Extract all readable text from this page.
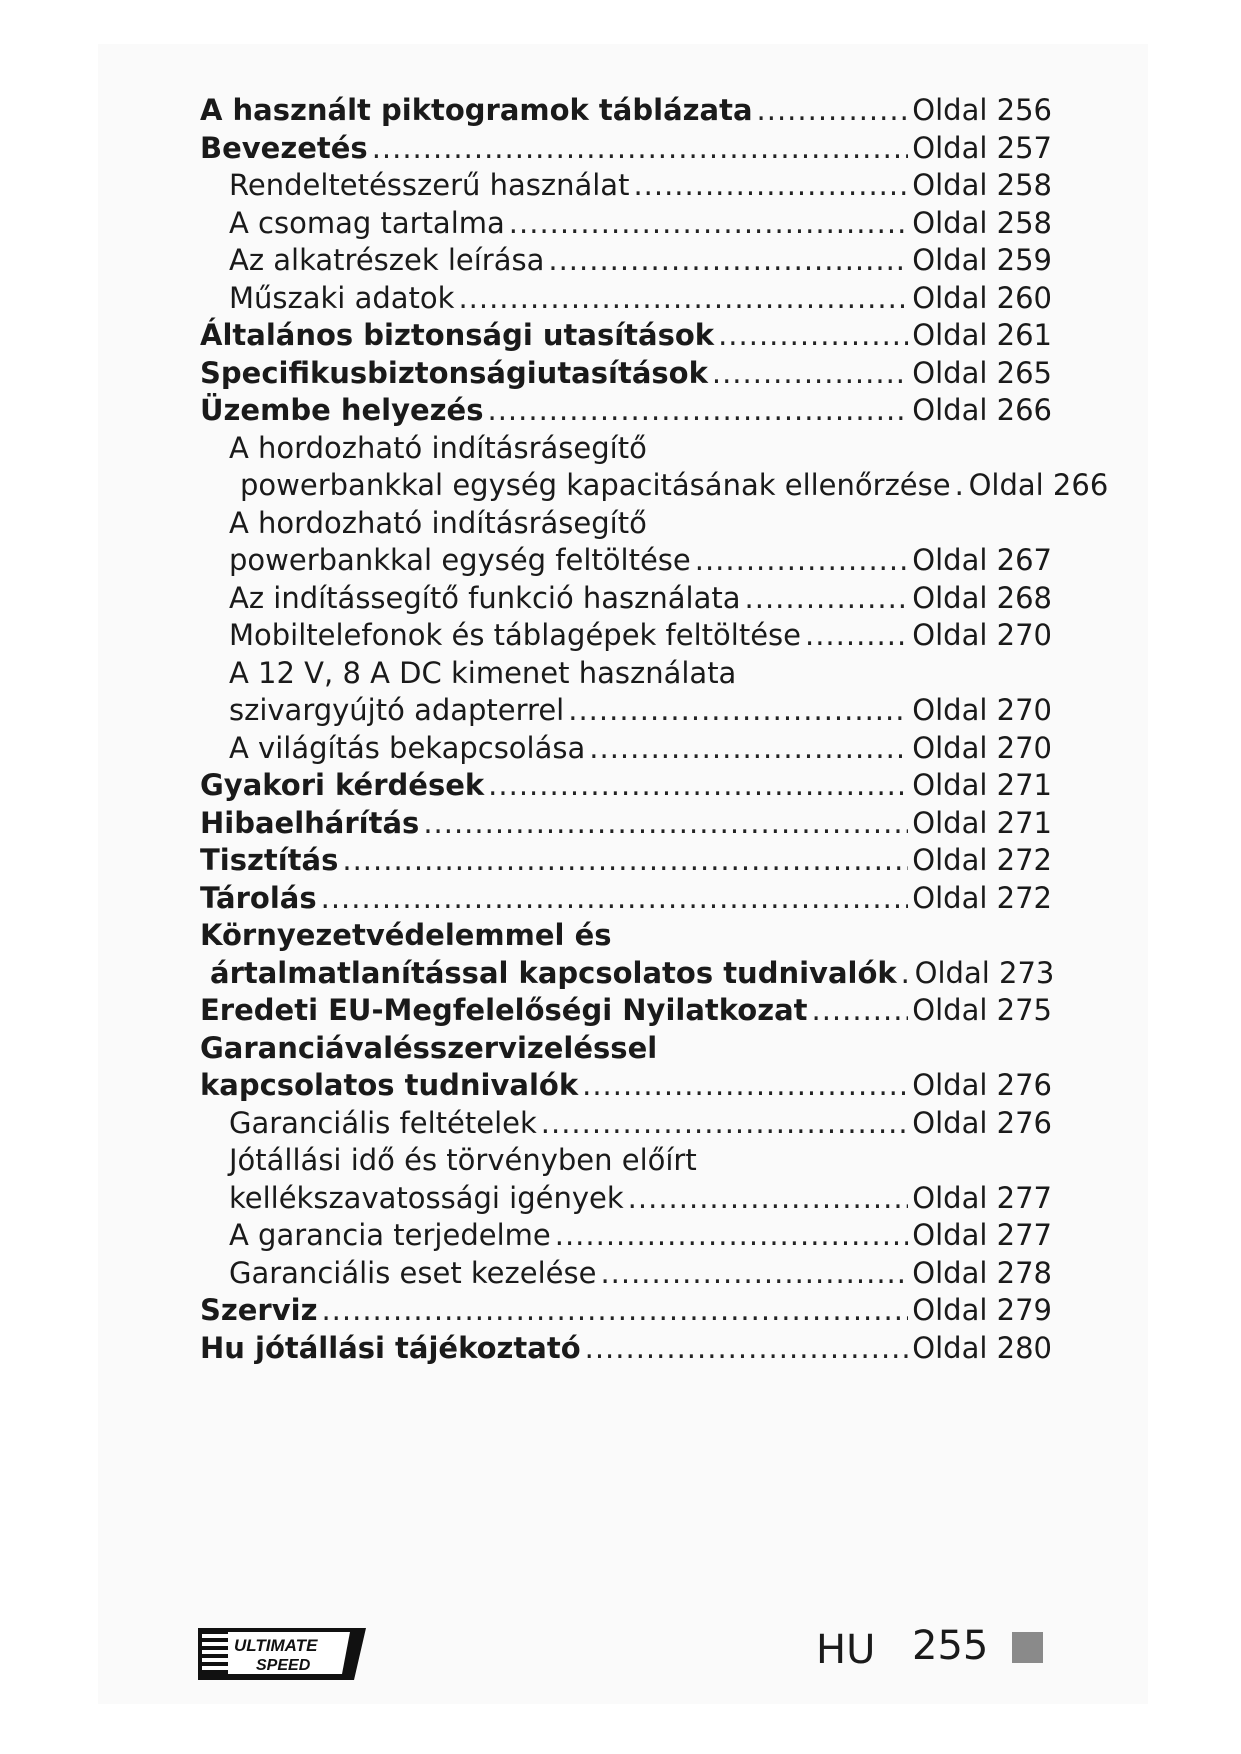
A használt piktogramok táblázata .....	Oldal 256
Bevezetés .....	Oldal 257
Rendeltetésszerű használat .....	Oldal 258
A csomag tartalma .....	Oldal 258
Az alkatrészek leírása .....	Oldal 259
Műszaki adatok .....	Oldal 260
Általános biztonsági utasítások .....	Oldal 261
Specifikusbiztonságiutasítások .....	Oldal 265
Üzembe helyezés .....	Oldal 266
A hordozható indításrásegítő
powerbankkal egység kapacitásának ellenőrzése ..... Oldal 266
A hordozható indításrásegítő
powerbankkal egység feltöltése .....	Oldal 267
Az indítássegítő funkció használata .....	Oldal 268
Mobiltelefonok és táblagépek feltöltése .....	Oldal 270
A 12 V, 8 A DC kimenet használata
szivargyújtó adapterrel .....	Oldal 270
A világítás bekapcsolása .....	Oldal 270
Gyakori kérdések .....	Oldal 271
Hibaelhárítás .....	Oldal 271
Tisztítás .....	Oldal 272
Tárolás .....	Oldal 272
Környezetvédelemmel és
ártalmatlanítással kapcsolatos tudnivalók ..... Oldal 273
Eredeti EU-Megfelelőségi Nyilatkozat .....	Oldal 275
Garanciávalésszervizeléssel
kapcsolatos tudnivalók .....	Oldal 276
Garanciális feltételek .....	Oldal 276
Jótállási idő és törvényben előírt
kellékszavatossági igények .....	Oldal 277
A garancia terjedelme .....	Oldal 277
Garanciális eset kezelése .....	Oldal 278
Szerviz .....	Oldal 279
Hu jótállási tájékoztató .....	Oldal 280
ULTIMATE
SPEED	HU 255
